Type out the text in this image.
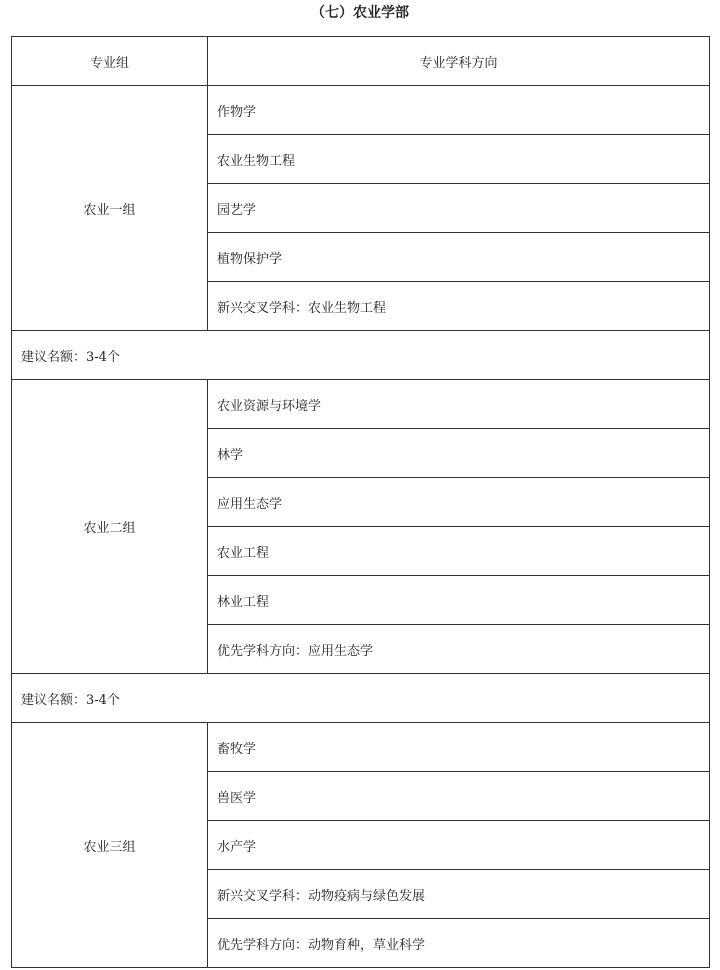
（七）农业学部
专业组	专业学科方向
农业一组	作物学
	农业生物工程
	园艺学
	植物保护学
	新兴交叉学科：农业生物工程
建议名额：3-4个	
农业二组	农业资源与环境学
	林学
	应用生态学
	农业工程
	林业工程
	优先学科方向：应用生态学
建议名额：3-4个	
农业三组	畜牧学
	兽医学
	水产学
	新兴交叉学科：动物疫病与绿色发展
	优先学科方向：动物育种，草业科学
